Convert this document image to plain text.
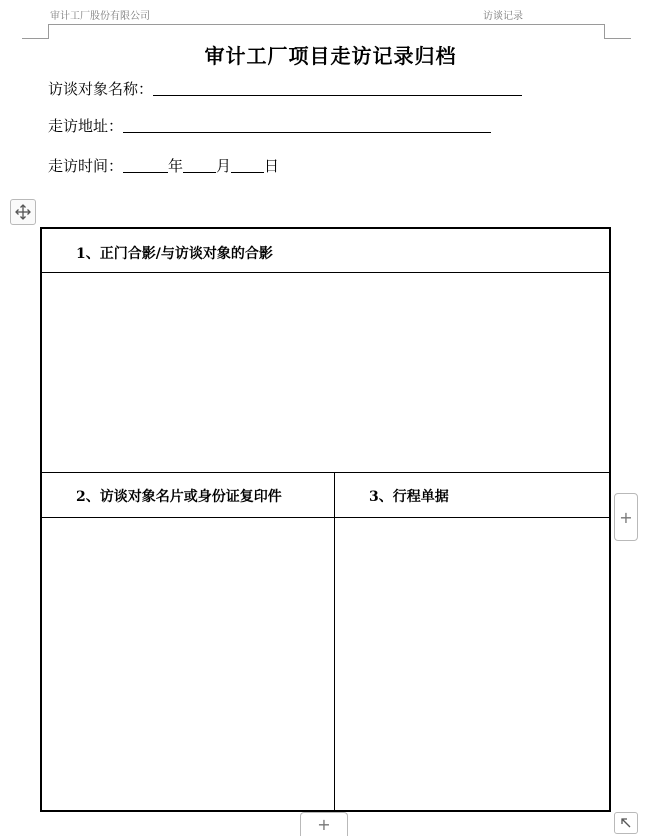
审计工厂股份有限公司	访谈记录
审计工厂项目走访记录归档
访谈对象名称：
走访地址：
走访时间：	年 月 日
1、正门合影/与访谈对象的合影
2、访谈对象名片或身份证复印件	3、行程单据
+
+
